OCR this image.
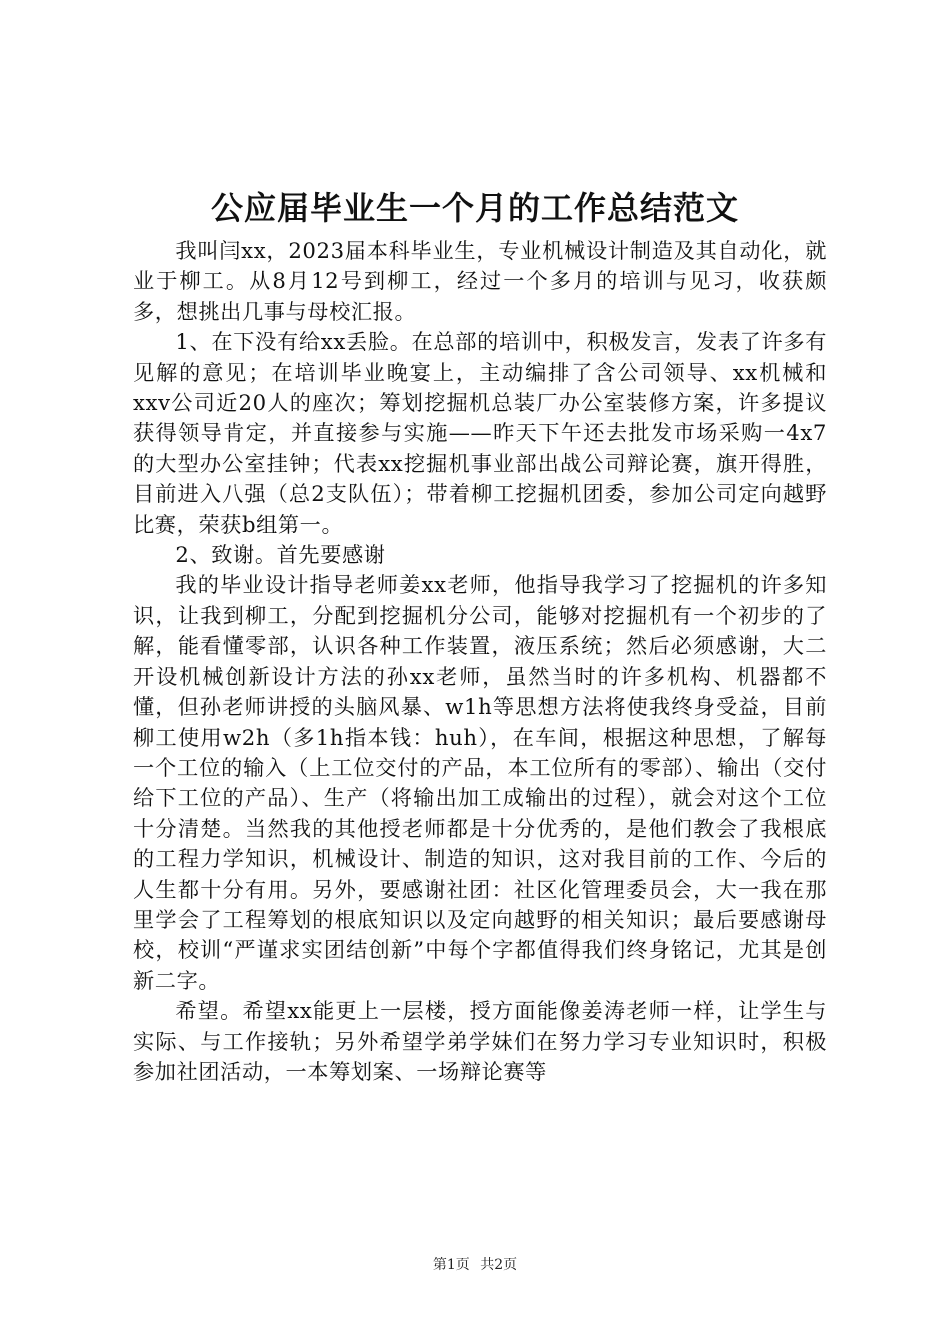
公应届毕业生一个月的工作总结范文

我叫闫xx，2023届本科毕业生，专业机械设计制造及其自动化，就业于柳工。从8月12号到柳工，经过一个多月的培训与见习，收获颇多，想挑出几事与母校汇报。

1、在下没有给xx丢脸。在总部的培训中，积极发言，发表了许多有见解的意见；在培训毕业晚宴上，主动编排了含公司领导、xx机械和xxv公司近20人的座次；筹划挖掘机总装厂办公室装修方案，许多提议获得领导肯定，并直接参与实施——昨天下午还去批发市场采购一4x7的大型办公室挂钟；代表xx挖掘机事业部出战公司辩论赛，旗开得胜，目前进入八强（总2支队伍）；带着柳工挖掘机团委，参加公司定向越野比赛，荣获b组第一。

2、致谢。首先要感谢

我的毕业设计指导老师姜xx老师，他指导我学习了挖掘机的许多知识，让我到柳工，分配到挖掘机分公司，能够对挖掘机有一个初步的了解，能看懂零部，认识各种工作装置，液压系统；然后必须感谢，大二开设机械创新设计方法的孙xx老师，虽然当时的许多机构、机器都不懂，但孙老师讲授的头脑风暴、w1h等思想方法将使我终身受益，目前柳工使用w2h（多1h指本钱：huh），在车间，根据这种思想，了解每一个工位的输入（上工位交付的产品，本工位所有的零部）、输出（交付给下工位的产品）、生产（将输出加工成输出的过程），就会对这个工位十分清楚。当然我的其他授老师都是十分优秀的，是他们教会了我根底的工程力学知识，机械设计、制造的知识，这对我目前的工作、今后的人生都十分有用。另外，要感谢社团：社区化管理委员会，大一我在那里学会了工程筹划的根底知识以及定向越野的相关知识；最后要感谢母校，校训“严谨求实团结创新”中每个字都值得我们终身铭记，尤其是创新二字。

希望。希望xx能更上一层楼，授方面能像姜涛老师一样，让学生与实际、与工作接轨；另外希望学弟学妹们在努力学习专业知识时，积极参加社团活动，一本筹划案、一场辩论赛等

第1页 共2页
